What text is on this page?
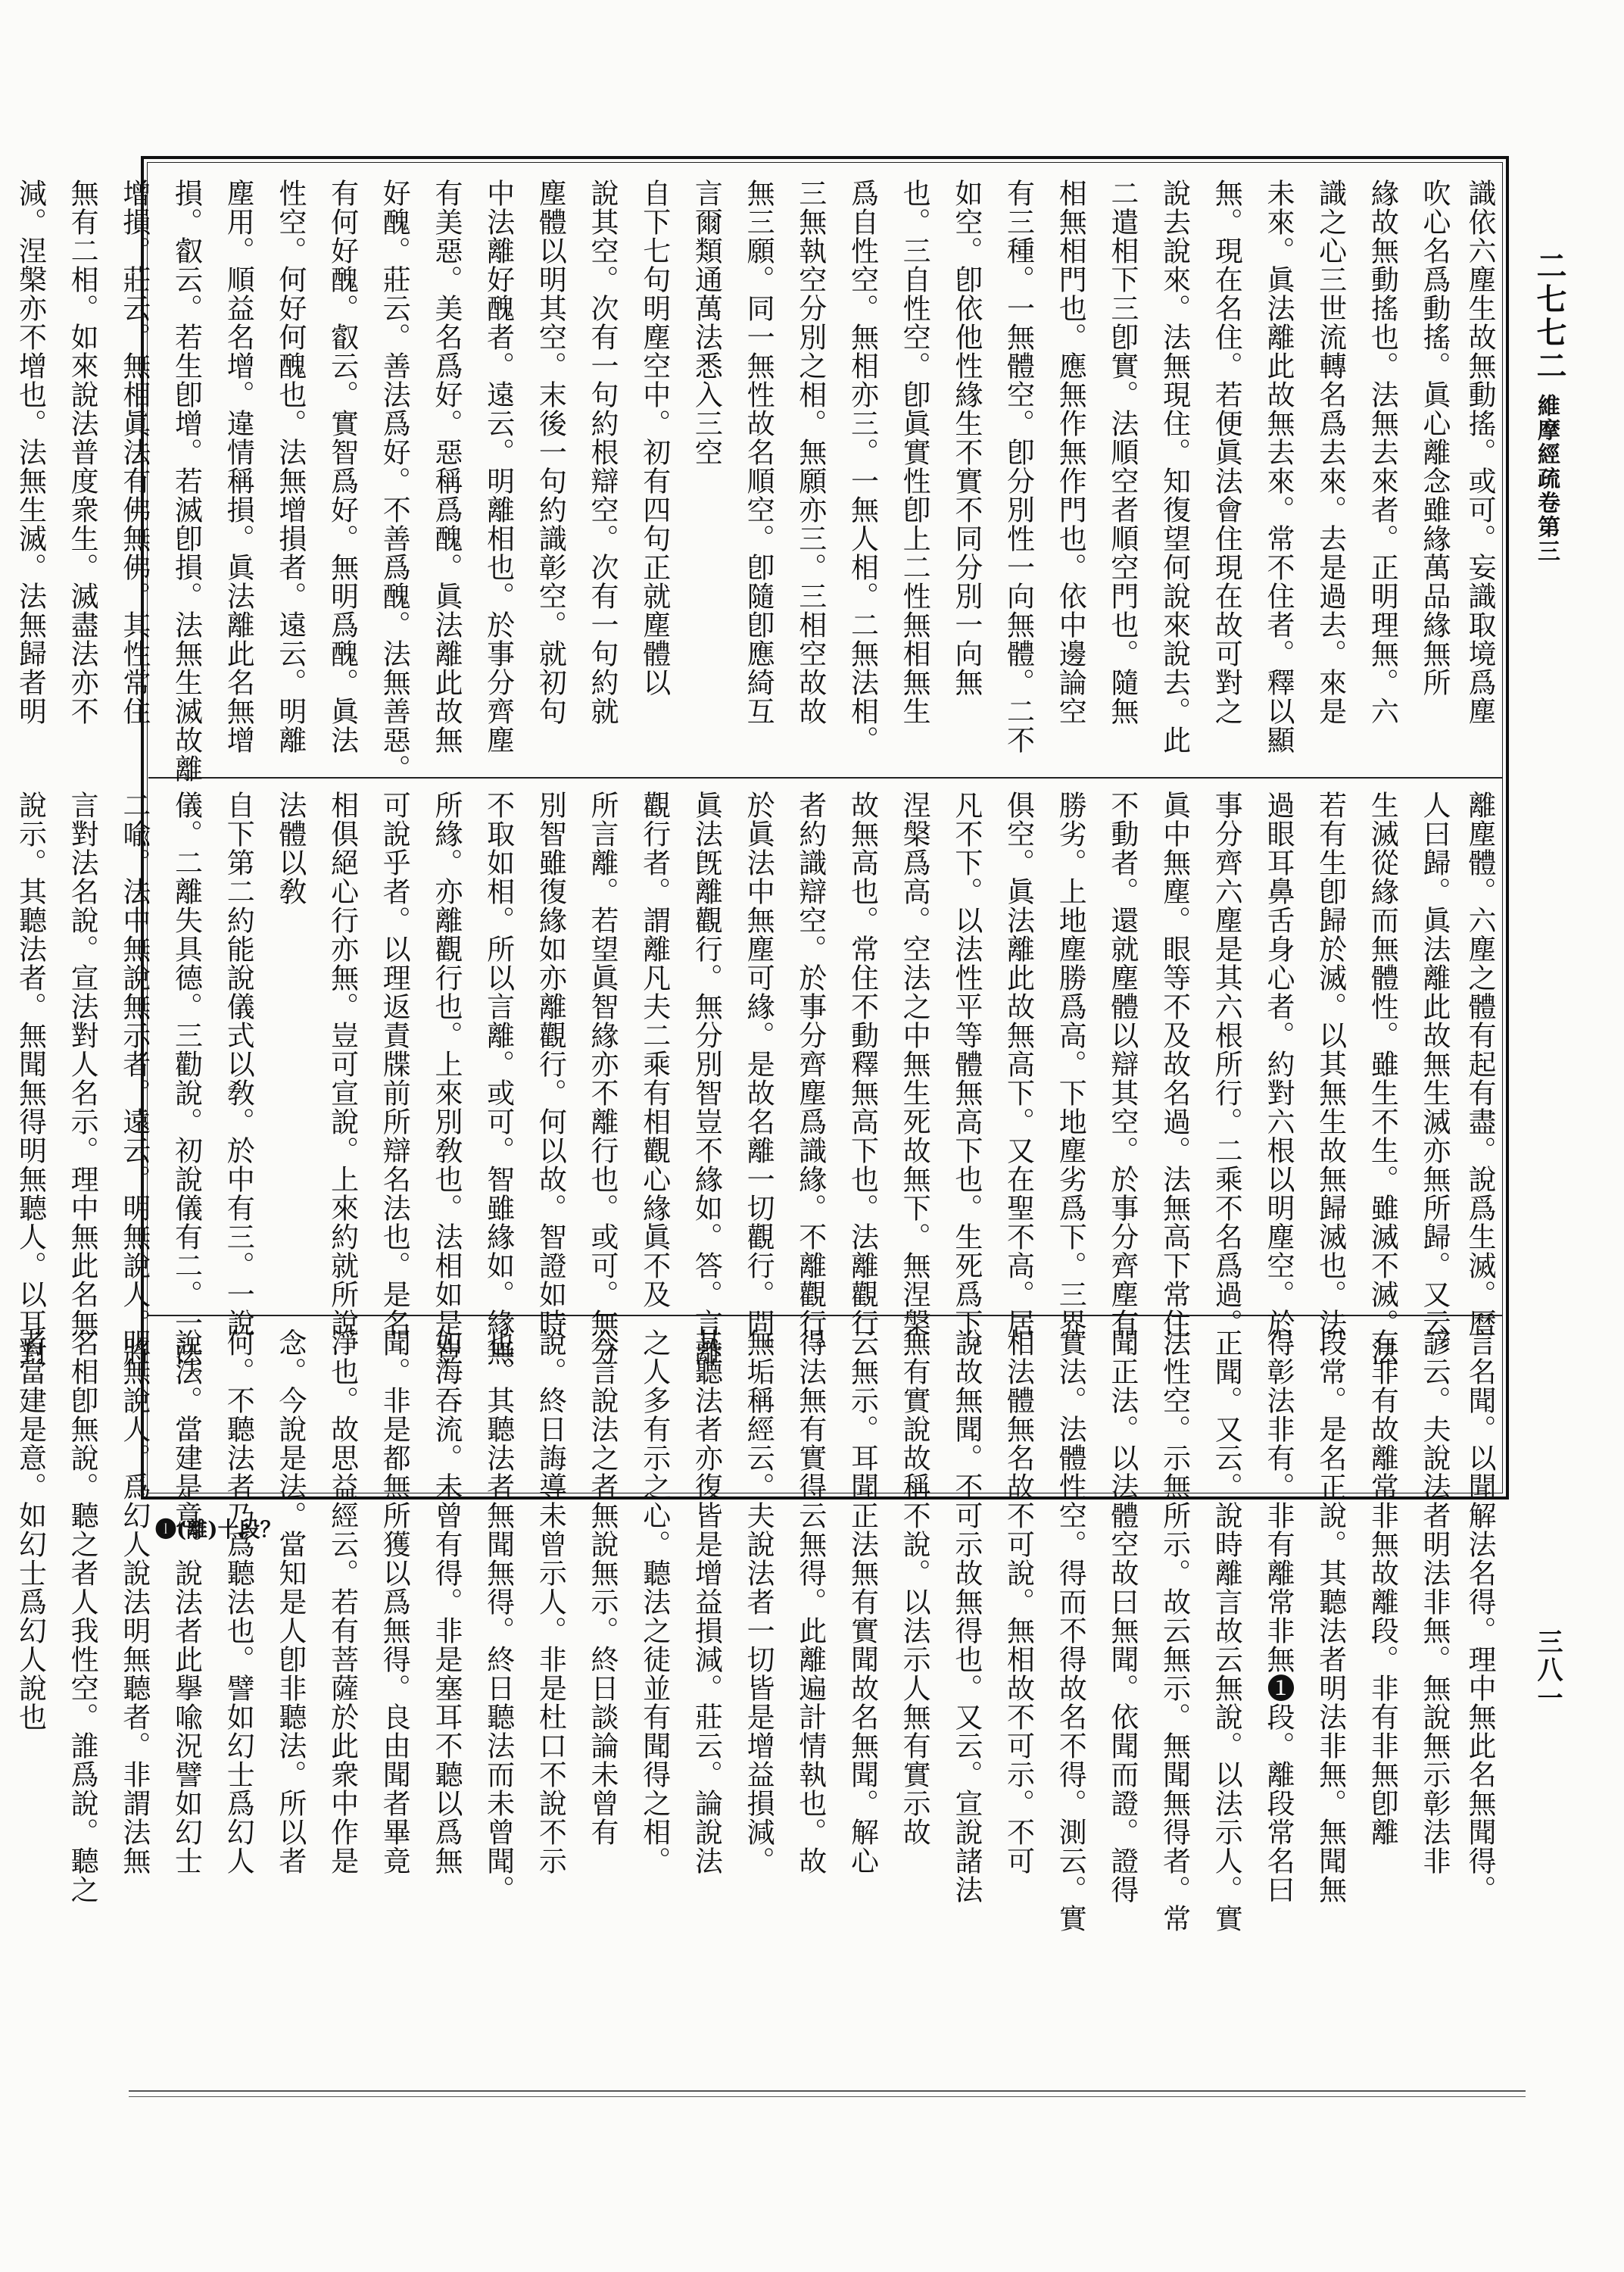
二七七二
維摩經疏卷第三
三八一
識依六塵生故無動搖。或可。妄識取境爲塵
吹心名爲動搖。眞心離念雖緣萬品緣無所
緣故無動搖也。法無去來者。正明理無。六
識之心三世流轉名爲去來。去是過去。來是
未來。眞法離此故無去來。常不住者。釋以顯
無。現在名住。若便眞法會住現在故可對之
說去說來。法無現住。知復望何說來說去。此
二遣相下三卽實。法順空者順空門也。隨無
相無相門也。應無作無作門也。依中邊論空
有三種。一無體空。卽分別性一向無體。二不
如空。卽依他性緣生不實不同分別一向無
也。三自性空。卽眞實性卽上二性無相無生
爲自性空。無相亦三。一無人相。二無法相。
三無執空分別之相。無願亦三。三相空故故
無三願。同一無性故名順空。卽隨卽應綺互
言爾類通萬法悉入三空
自下七句明塵空中。初有四句正就塵體以
說其空。次有一句約根辯空。次有一句約就
塵體以明其空。末後一句約識彰空。就初句
中法離好醜者。遠云。明離相也。於事分齊塵
有美惡。美名爲好。惡稱爲醜。眞法離此故無
好醜。莊云。善法爲好。不善爲醜。法無善惡。
有何好醜。叡云。實智爲好。無明爲醜。眞法
性空。何好何醜也。法無增損者。遠云。明離
塵用。順益名增。違情稱損。眞法離此名無增
損。叡云。若生卽增。若滅卽損。法無生滅故離
增損。莊云。無相眞法有佛無佛。其性常住
無有二相。如來說法普度衆生。滅盡法亦不
減。涅槃亦不增也。法無生滅。法無歸者明
離塵體。六塵之體有起有盡。說爲生滅。曆
人曰歸。眞法離此故無生滅亦無所歸。又云。
生滅從緣而無體性。雖生不生。雖滅不滅。法
若有生卽歸於滅。以其無生故無歸滅也。法
過眼耳鼻舌身心者。約對六根以明塵空。於
事分齊六塵是其六根所行。二乘不名爲過。
眞中無塵。眼等不及故名過。法無高下常住
不動者。還就塵體以辯其空。於事分齊塵有
勝劣。上地塵勝爲高。下地塵劣爲下。三界
俱空。眞法離此故無高下。又在聖不高。居
凡不下。以法性平等體無高下也。生死爲下。
涅槃爲高。空法之中無生死故無下。無涅槃
故無高也。常住不動釋無高下也。法離觀行
者約識辯空。於事分齊塵爲識緣。不離觀行。
於眞法中無塵可緣。是故名離一切觀行。問。
眞法旣離觀行。無分別智豈不緣如。答。言離
觀行者。謂離凡夫二乘有相觀心緣眞不及
所言離。若望眞智緣亦不離行也。或可。無分
別智雖復緣如亦離觀行。何以故。智證如時
不取如相。所以言離。或可。智雖緣如。緣無
所緣。亦離觀行也。上來別敎也。法相如是豈
可說乎者。以理返責牒前所辯名法也。是名
相俱絕心行亦無。豈可宣說。上來約就所說
法體以敎
自下第二約能說儀式以敎。於中有三。一說
儀。二離失具德。三勸說。初說儀有二。一法。
二喩。法中無說無示者。遠云。明無說人。將
言對法名說。宣法對人名示。理中無此名無
說示。其聽法者。無聞無得明無聽人。以耳對
言名聞。以聞解法名得。理中無此名無聞得。
諺云。夫說法者明法非無。無說無示彰法非
有非有故離常非無故離段。非有非無卽離
段常。是名正說。其聽法者明法非無。無聞無
得彰法非有。非有離常非無❶段。離段常名曰
正聞。又云。說時離言故云無說。以法示人。實
法性空。示無所示。故云無示。無聞無得者。常
聞正法。以法體空故曰無聞。依聞而證。證得
實法。法體性空。得而不得故名不得。測云。實
相法體無名故不可說。無相故不可示。不可
說故無聞。不可示故無得也。又云。宣說諸法
無有實說故稱不說。以法示人無有實示故
云無示。耳聞正法無有實聞故名無聞。解心
得法無有實得云無得。此離遍計情執也。故
無垢稱經云。夫說法者一切皆是增益損減。
其聽法者亦復皆是增益損減。莊云。論說法
之人多有示之心。聽法之徒並有聞得之相。
今言說法之者無說無示。終日談論未曾有
說。終日誨導未曾示人。非是杜口不說不示
也。其聽法者無聞無得。終日聽法而未曾聞。
如海吞流。未曾有得。非是塞耳不聽以爲無
聞。非是都無所獲以爲無得。良由聞者畢竟
淨也。故思益經云。若有菩薩於此衆中作是
念。今說是法。當知是人卽非聽法。所以者
何。不聽法者乃爲聽法也。譬如幻士爲幻人
說法。當建是意。說法者此擧喩況譬如幻士
明無說人。爲幻人說法明無聽者。非謂法無
名相卽無說。聽之者人我性空。誰爲說。聽之
者當建是意。如幻士爲幻人說也	❶(離)十段？
